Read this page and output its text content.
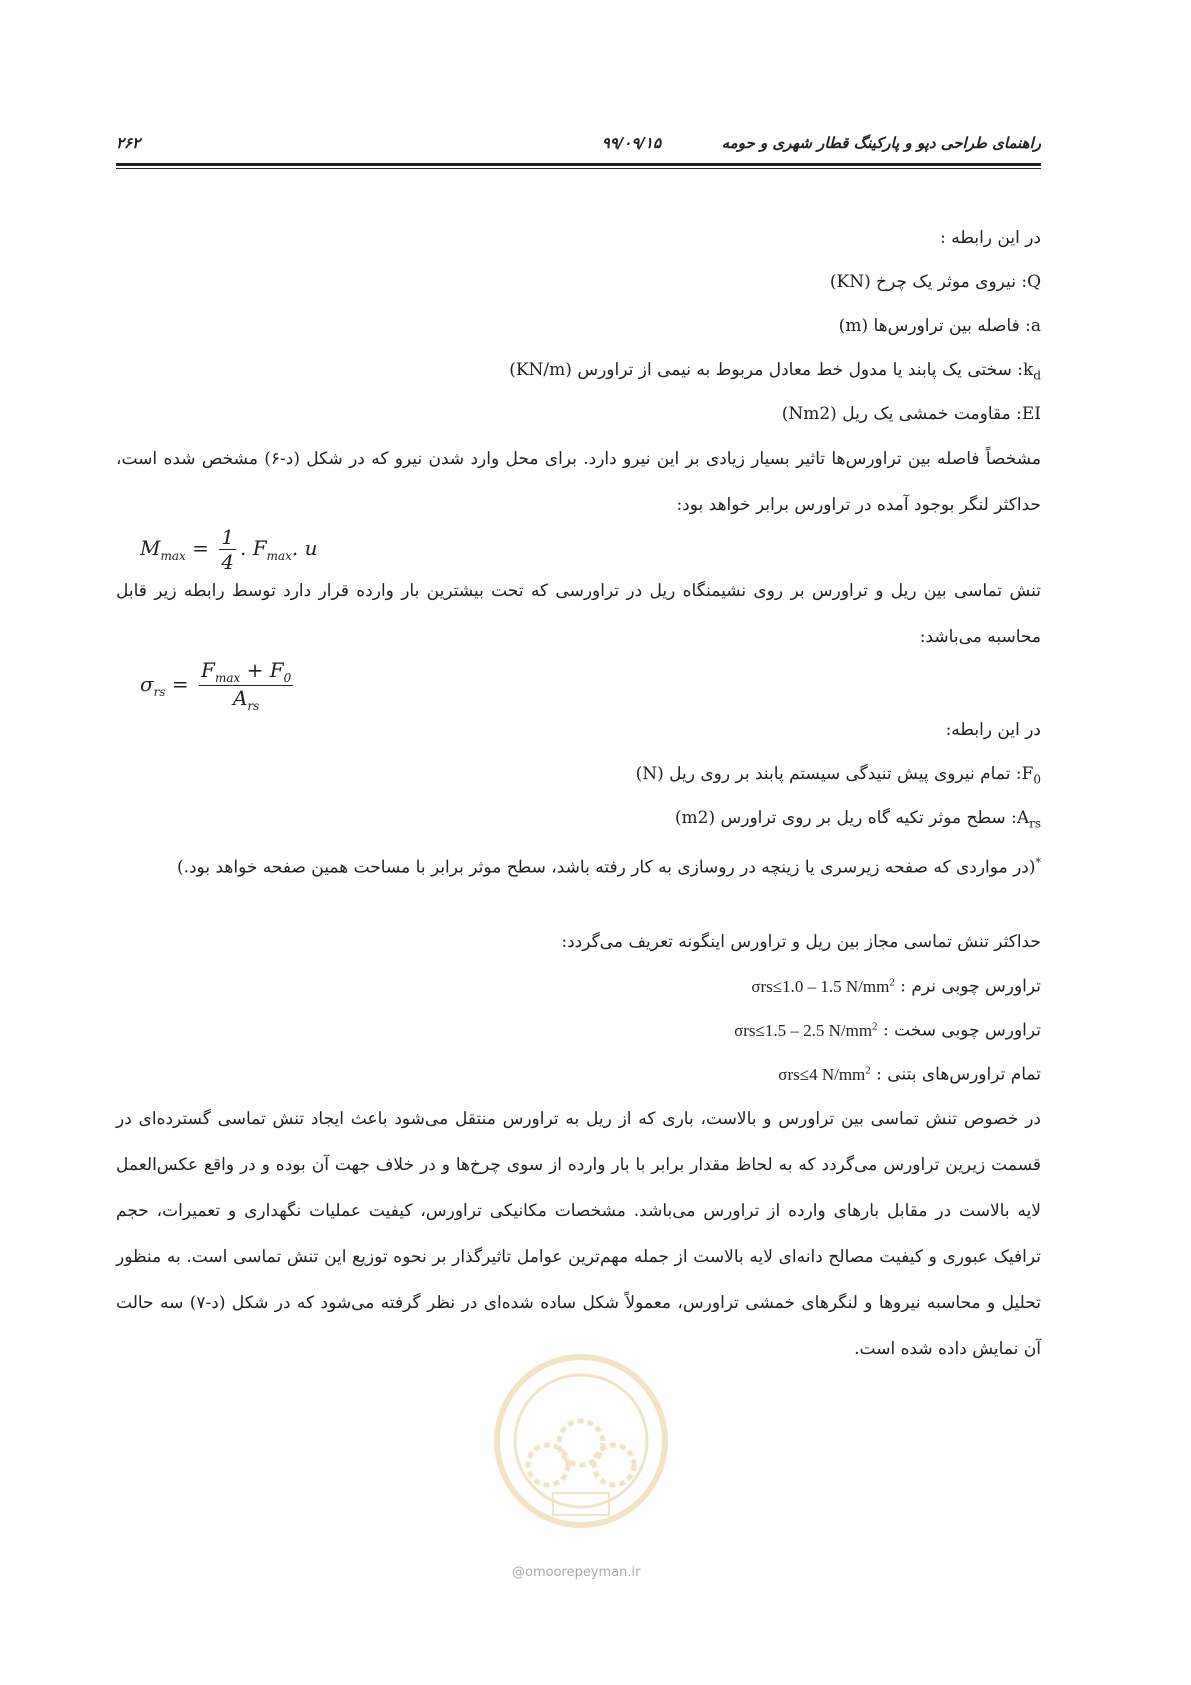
راهنمای طراحی دپو و پارکینگ قطار شهری و حومه
۹۹/۰۹/۱۵
۲۶۲
در این رابطه :
Q: نیروی موثر یک چرخ (KN)
a: فاصله بین تراورس‌ها (m)
$k_d$: سختی یک پابند یا مدول خط معادل مربوط به نیمی از تراورس (KN/m)
EI: مقاومت خمشی یک ریل (Nm2)
مشخصاً فاصله بین تراورس‌ها تاثیر بسیار زیادی بر این نیرو دارد. برای محل وارد شدن نیرو که در شکل (د-۶) مشخص شده است، حداکثر لنگر بوجود آمده در تراورس برابر خواهد بود:
$M_{max} = \frac{1}{4}$ . $F_{max}$. u
تنش تماسی بین ریل و تراورس بر روی نشیمنگاه ریل در تراورسی که تحت بیشترین بار وارده قرار دارد توسط رابطه زیر قابل محاسبه می‌باشد:
$\sigma_{rs} = \frac{F_{max} + F_0}{A_{rs}}$
در این رابطه:
$F_0$: تمام نیروی پیش تنیدگی سیستم پابند بر روی ریل (N)
$A_{rs}$: سطح موثر تکیه گاه ریل بر روی تراورس (m2)
*(در مواردی که صفحه زیرسری یا زینچه در روسازی به کار رفته باشد، سطح موثر برابر با مساحت همین صفحه خواهد بود.)
حداکثر تنش تماسی مجاز بین ریل و تراورس اینگونه تعریف می‌گردد:
تراورس چوبی نرم : σrs≤1.0 – 1.5 $N/mm^2$
تراورس چوبی سخت : σrs≤1.5 – 2.5 $N/mm^2$
تمام تراورس‌های بتنی : σrs≤4 $N/mm^2$
در خصوص تنش تماسی بین تراورس و بالاست، باری که از ریل به تراورس منتقل می‌شود باعث ایجاد تنش تماسی گسترده‌ای در قسمت زیرین تراورس می‌گردد که به لحاظ مقدار برابر با بار وارده از سوی چرخ‌ها و در خلاف جهت آن بوده و در واقع عکس‌العمل لایه بالاست در مقابل بارهای وارده از تراورس می‌باشد. مشخصات مکانیکی تراورس، کیفیت عملیات نگهداری و تعمیرات، حجم ترافیک عبوری و کیفیت مصالح دانه‌ای لایه بالاست از جمله مهم‌ترین عوامل تاثیرگذار بر نحوه توزیع این تنش تماسی است. به منظور تحلیل و محاسبه نیروها و لنگرهای خمشی تراورس، معمولاً شکل ساده شده‌ای در نظر گرفته می‌شود که در شکل (د-۷) سه حالت آن نمایش داده شده است.
@omoorepeyman.ir
